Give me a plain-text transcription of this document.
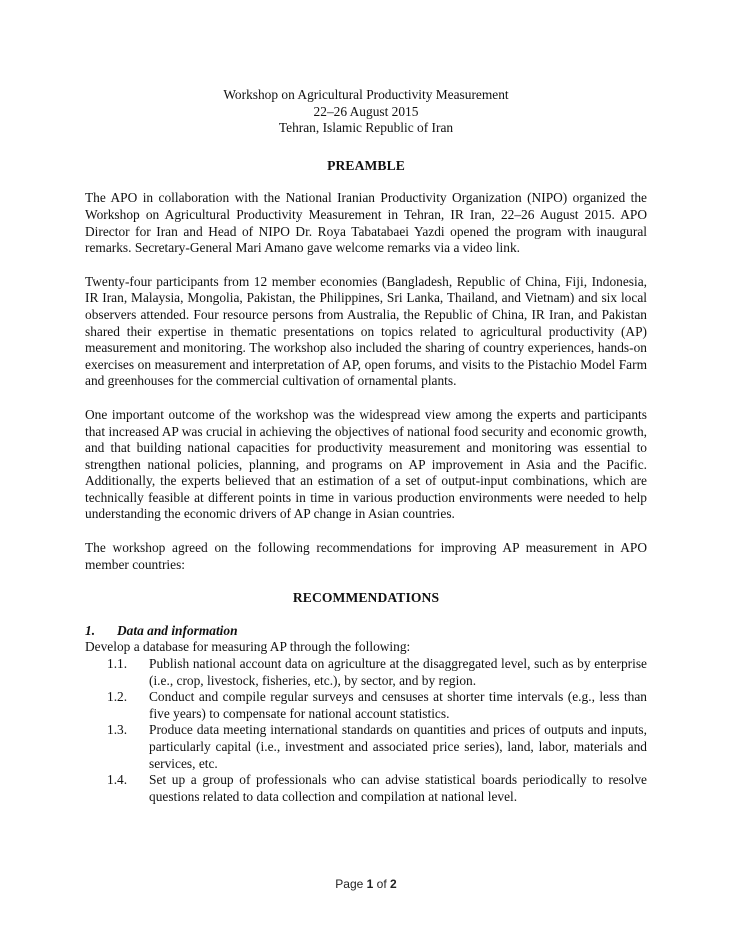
Workshop on Agricultural Productivity Measurement
22–26 August 2015
Tehran, Islamic Republic of Iran
PREAMBLE

The APO in collaboration with the National Iranian Productivity Organization (NIPO) organized the Workshop on Agricultural Productivity Measurement in Tehran, IR Iran, 22–26 August 2015. APO Director for Iran and Head of NIPO Dr. Roya Tabatabaei Yazdi opened the program with inaugural remarks. Secretary-General Mari Amano gave welcome remarks via a video link.

Twenty-four participants from 12 member economies (Bangladesh, Republic of China, Fiji, Indonesia, IR Iran, Malaysia, Mongolia, Pakistan, the Philippines, Sri Lanka, Thailand, and Vietnam) and six local observers attended. Four resource persons from Australia, the Republic of China, IR Iran, and Pakistan shared their expertise in thematic presentations on topics related to agricultural productivity (AP) measurement and monitoring. The workshop also included the sharing of country experiences, hands-on exercises on measurement and interpretation of AP, open forums, and visits to the Pistachio Model Farm and greenhouses for the commercial cultivation of ornamental plants.

One important outcome of the workshop was the widespread view among the experts and participants that increased AP was crucial in achieving the objectives of national food security and economic growth, and that building national capacities for productivity measurement and monitoring was essential to strengthen national policies, planning, and programs on AP improvement in Asia and the Pacific. Additionally, the experts believed that an estimation of a set of output-input combinations, which are technically feasible at different points in time in various production environments were needed to help understanding the economic drivers of AP change in Asian countries.

The workshop agreed on the following recommendations for improving AP measurement in APO member countries:

RECOMMENDATIONS
1. Data and information
Develop a database for measuring AP through the following:
1.1. Publish national account data on agriculture at the disaggregated level, such as by enterprise (i.e., crop, livestock, fisheries, etc.), by sector, and by region.
1.2. Conduct and compile regular surveys and censuses at shorter time intervals (e.g., less than five years) to compensate for national account statistics.
1.3. Produce data meeting international standards on quantities and prices of outputs and inputs, particularly capital (i.e., investment and associated price series), land, labor, materials and services, etc.
1.4. Set up a group of professionals who can advise statistical boards periodically to resolve questions related to data collection and compilation at national level.
Page 1 of 2
